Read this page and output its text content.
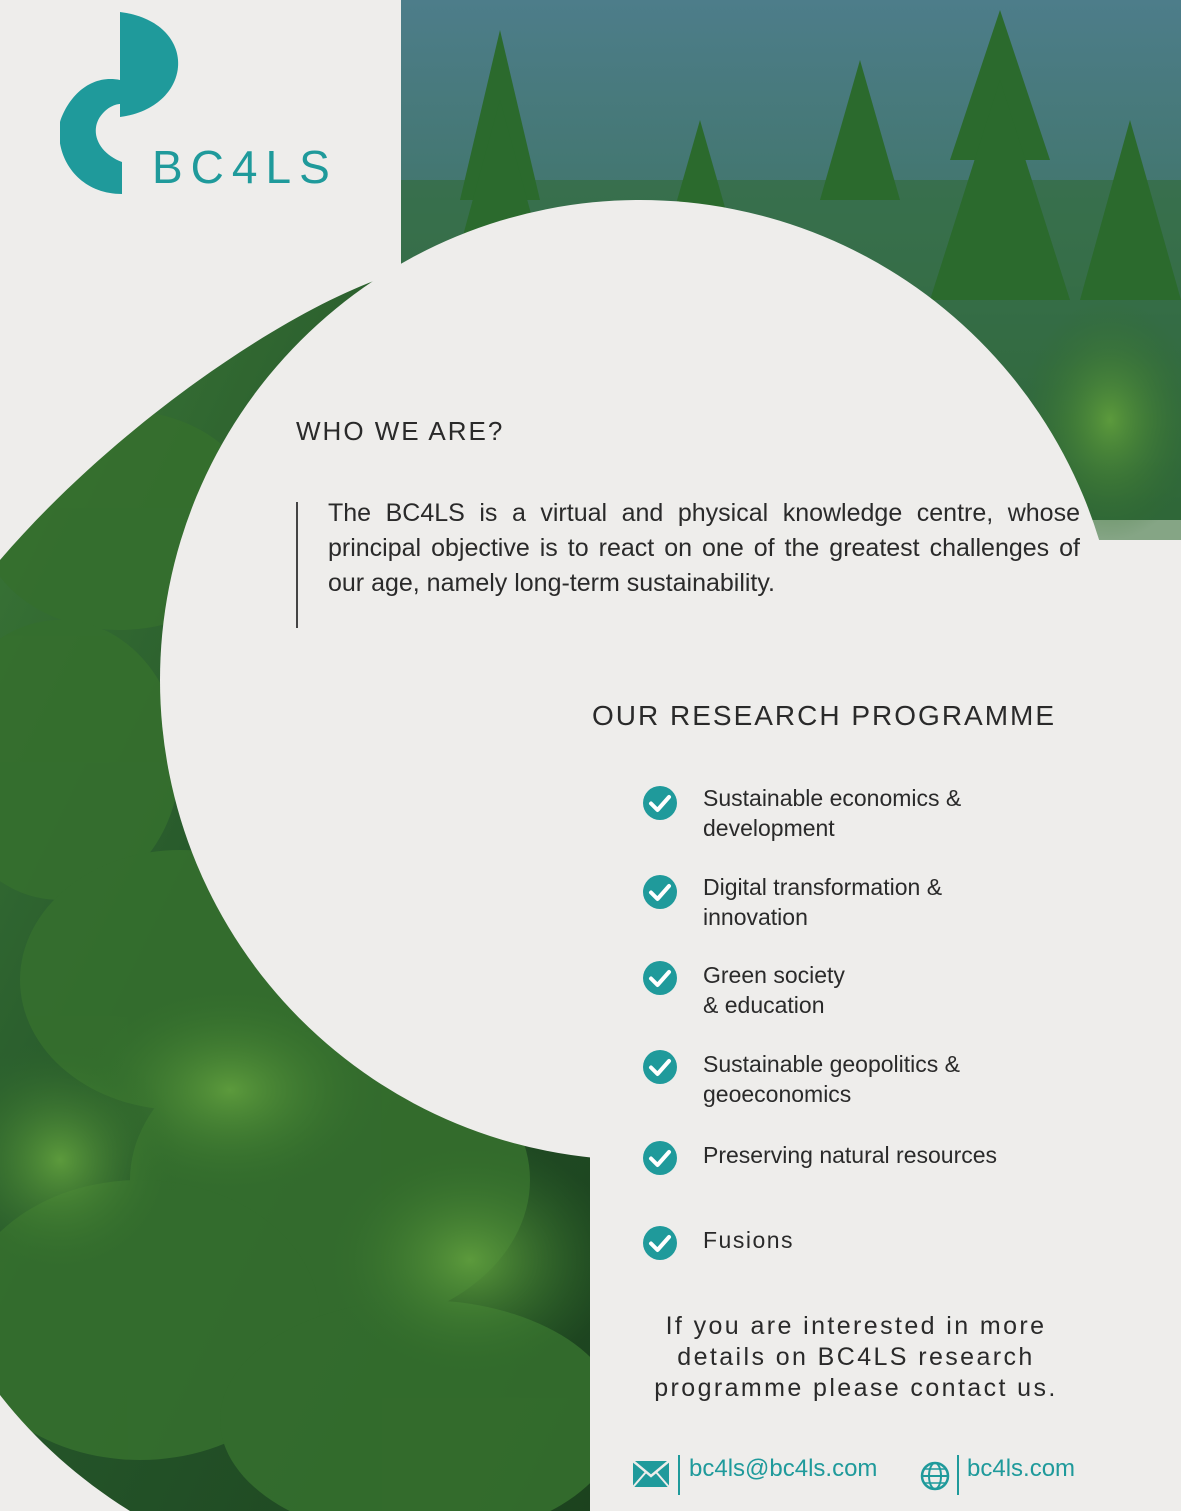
BC4LS
WHO WE ARE?

The BC4LS is a virtual and physical knowledge centre, whose principal objective is to react on one of the greatest challenges of our age, namely long-term sustainability.

OUR RESEARCH PROGRAMME
Sustainable economics &
development
Digital transformation &
innovation
Green society
& education
Sustainable geopolitics &
geoeconomics
Preserving natural resources
Fusions

If you are interested in more
details on BC4LS research
programme please contact us.

bc4ls@bc4ls.com	bc4ls.com
